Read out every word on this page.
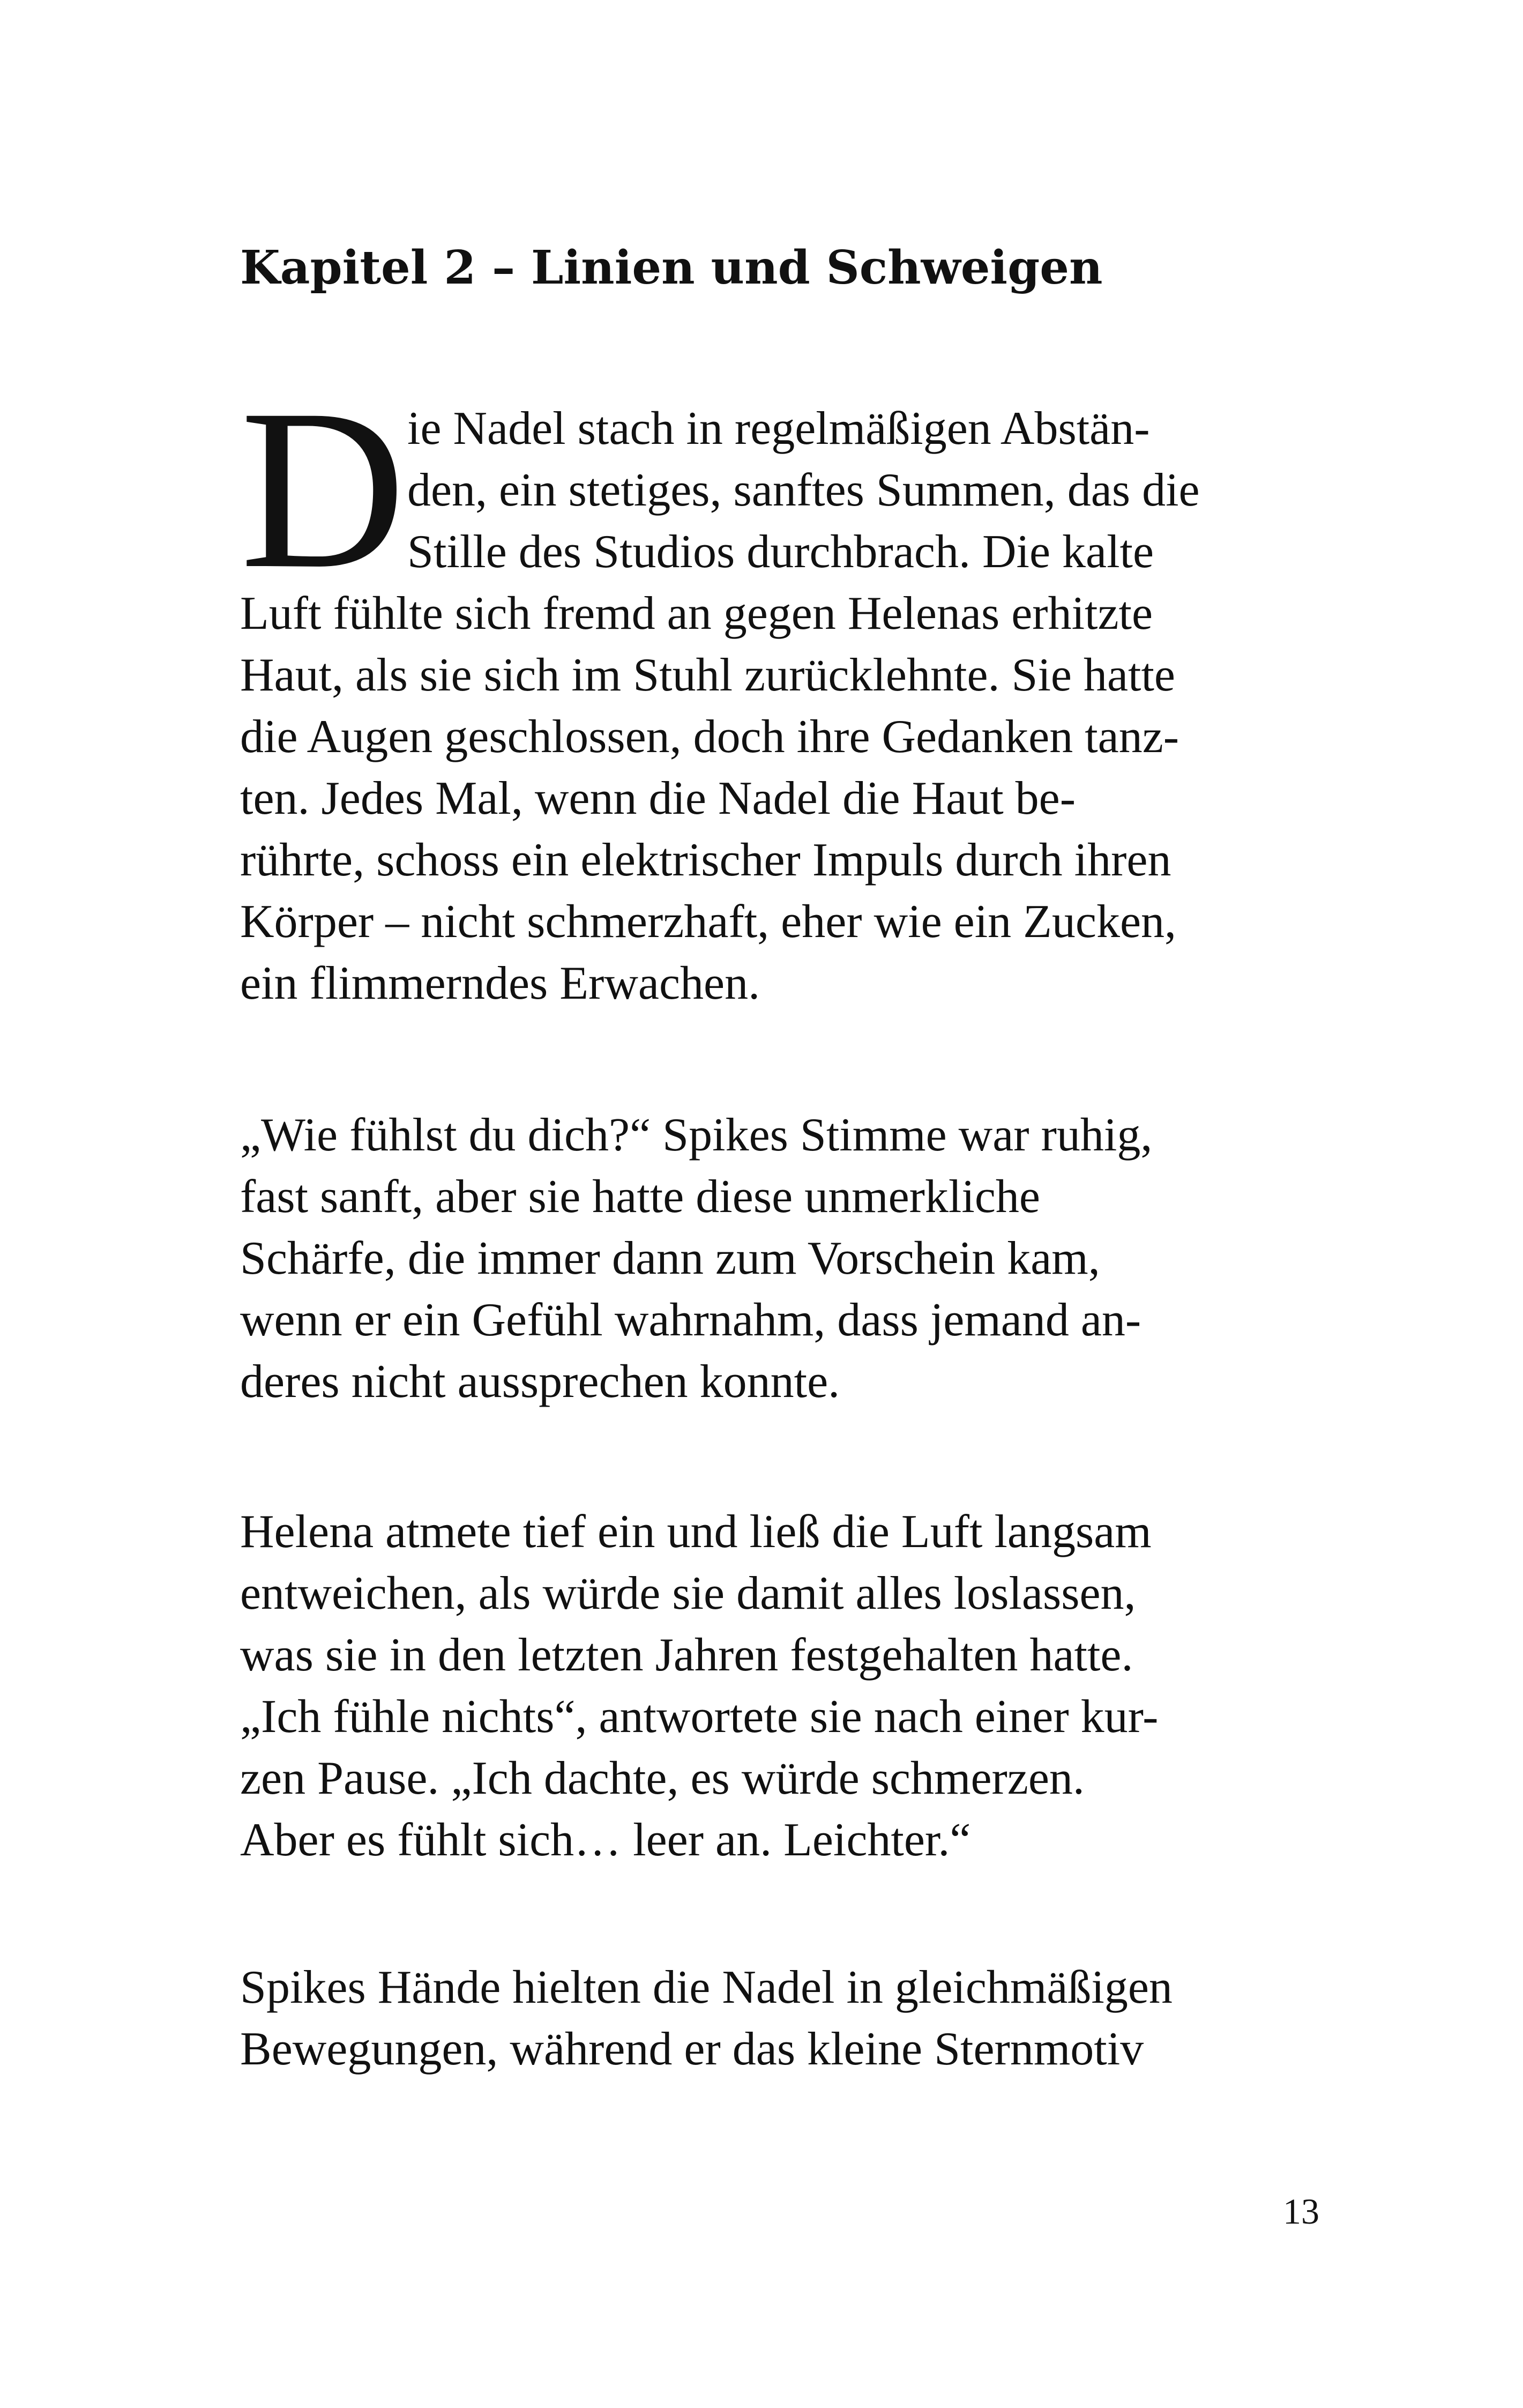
Kapitel 2 – Linien und Schweigen
D ie Nadel stach in regelmäßigen Abstän-
den, ein stetiges, sanftes Summen, das die
Stille des Studios durchbrach. Die kalte
Luft fühlte sich fremd an gegen Helenas erhitzte
Haut, als sie sich im Stuhl zurücklehnte. Sie hatte
die Augen geschlossen, doch ihre Gedanken tanz-
ten. Jedes Mal, wenn die Nadel die Haut be-
rührte, schoss ein elektrischer Impuls durch ihren
Körper – nicht schmerzhaft, eher wie ein Zucken,
ein flimmerndes Erwachen.
„Wie fühlst du dich?“ Spikes Stimme war ruhig,
fast sanft, aber sie hatte diese unmerkliche
Schärfe, die immer dann zum Vorschein kam,
wenn er ein Gefühl wahrnahm, dass jemand an-
deres nicht aussprechen konnte.
Helena atmete tief ein und ließ die Luft langsam
entweichen, als würde sie damit alles loslassen,
was sie in den letzten Jahren festgehalten hatte.
„Ich fühle nichts“, antwortete sie nach einer kur-
zen Pause. „Ich dachte, es würde schmerzen.
Aber es fühlt sich… leer an. Leichter.“
Spikes Hände hielten die Nadel in gleichmäßigen
Bewegungen, während er das kleine Sternmotiv
13
